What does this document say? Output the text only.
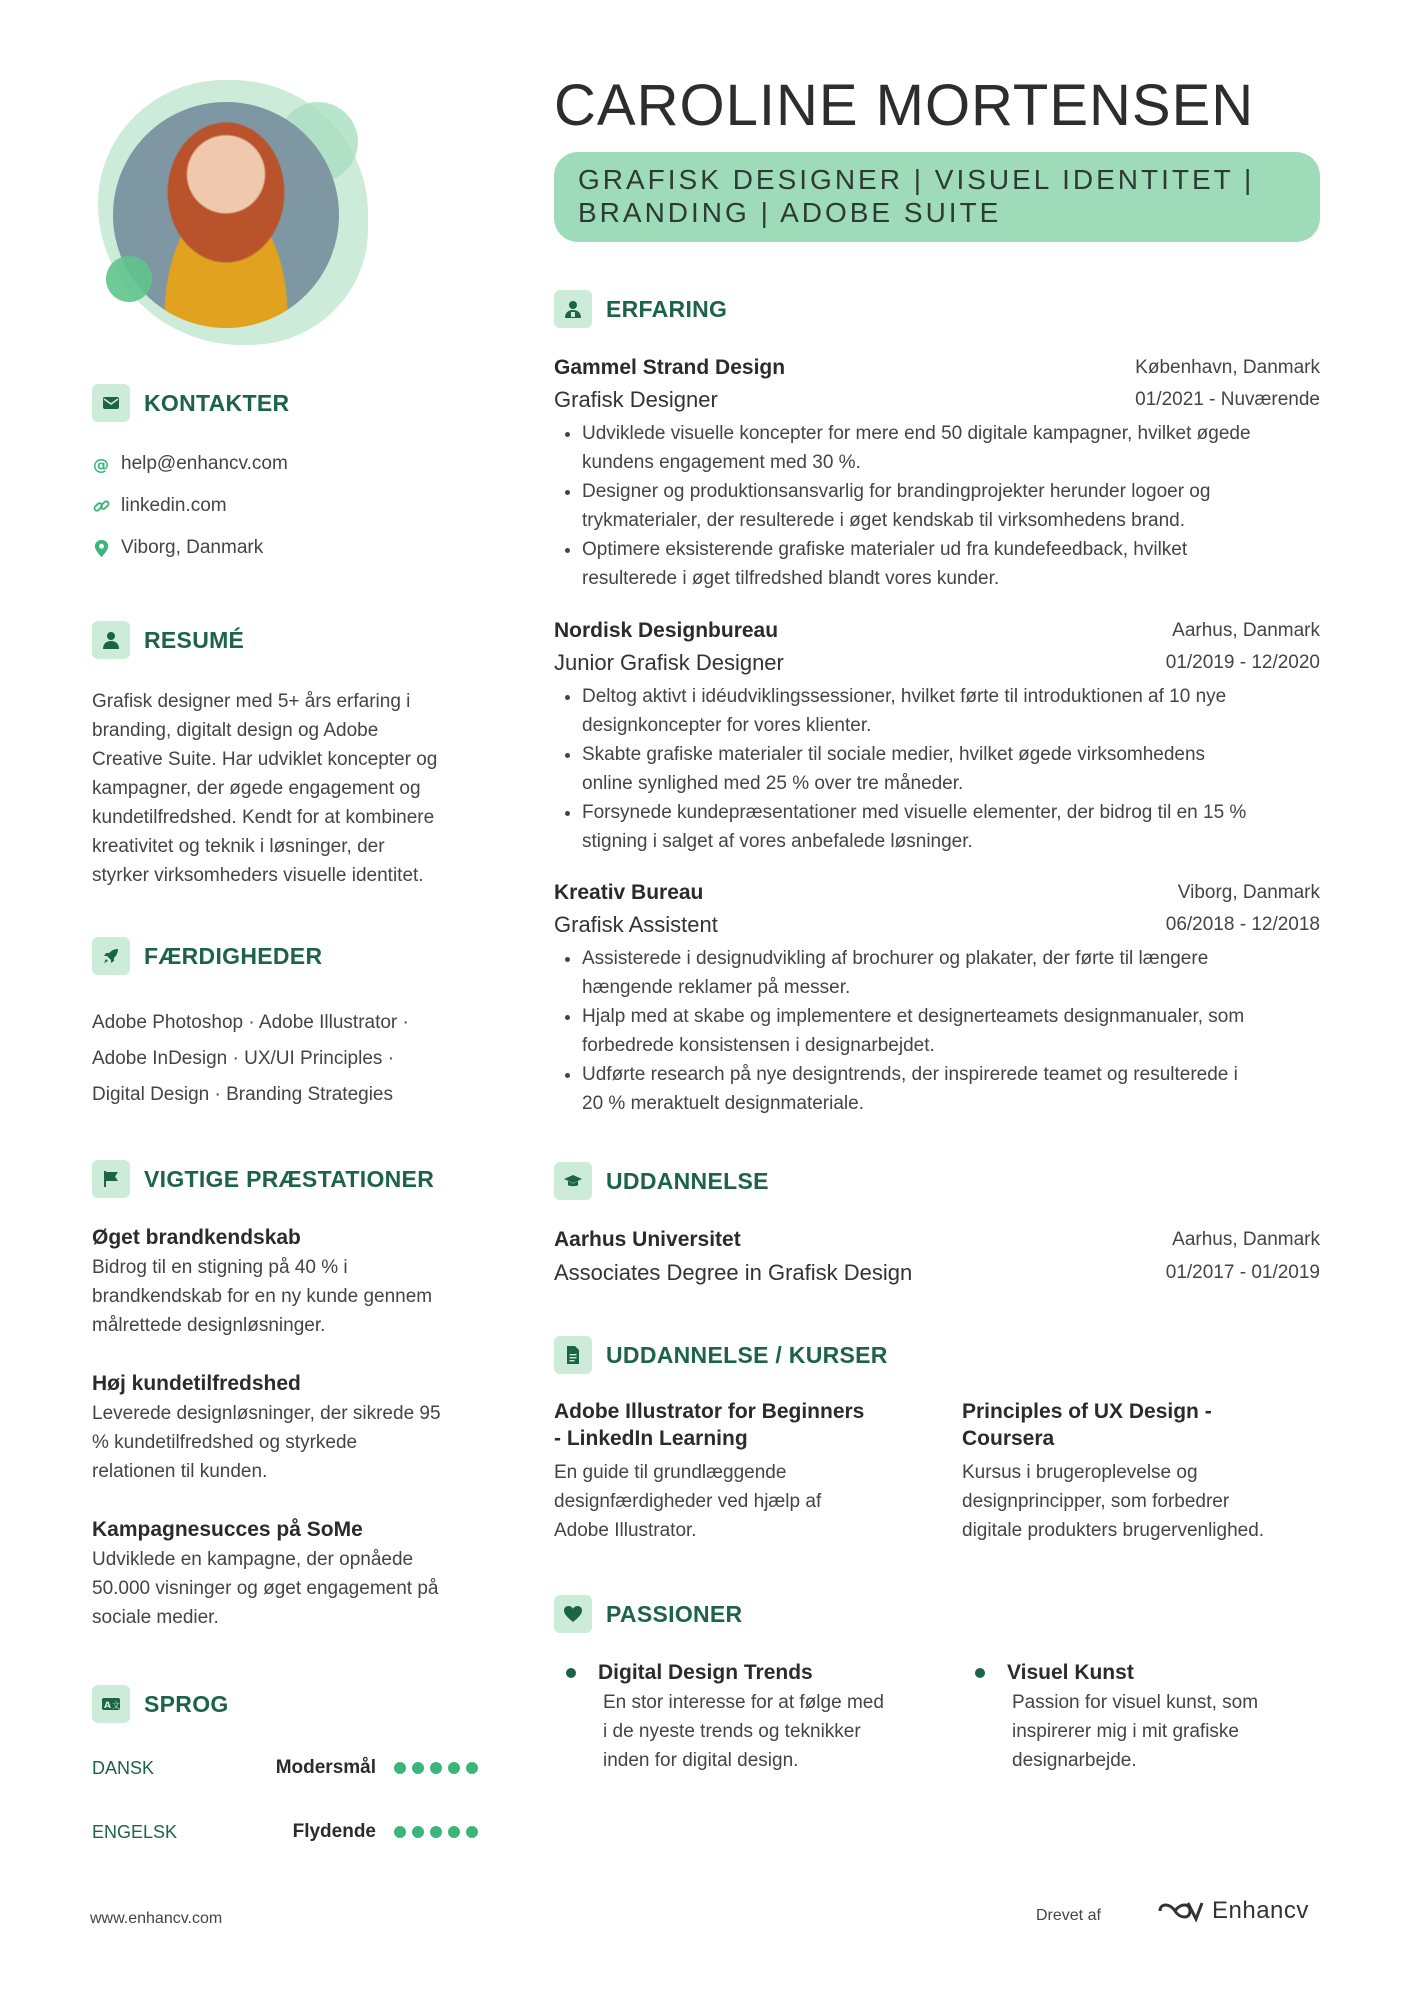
CAROLINE MORTENSEN
GRAFISK DESIGNER | VISUEL IDENTITET |
BRANDING | ADOBE SUITE
KONTAKTER
@ help@enhancv.com
linkedin.com
Viborg, Danmark
RESUMÉ
Grafisk designer med 5+ års erfaring i
branding, digitalt design og Adobe
Creative Suite. Har udviklet koncepter og
kampagner, der øgede engagement og
kundetilfredshed. Kendt for at kombinere
kreativitet og teknik i løsninger, der
styrker virksomheders visuelle identitet.
FÆRDIGHEDER
Adobe Photoshop · Adobe Illustrator ·
Adobe InDesign · UX/UI Principles ·
Digital Design · Branding Strategies
VIGTIGE PRÆSTATIONER
Øget brandkendskab
Bidrog til en stigning på 40 % i
brandkendskab for en ny kunde gennem
målrettede designløsninger.
Høj kundetilfredshed
Leverede designløsninger, der sikrede 95
% kundetilfredshed og styrkede
relationen til kunden.
Kampagnesucces på SoMe
Udviklede en kampagne, der opnåede
50.000 visninger og øget engagement på
sociale medier.
A 文 SPROG
DANSK	Modersmål
ENGELSK	Flydende
ERFARING
Gammel Strand Design	København, Danmark
Grafisk Designer	01/2021 - Nuværende
• Udviklede visuelle koncepter for mere end 50 digitale kampagner, hvilket øgede
kundens engagement med 30 %.
• Designer og produktionsansvarlig for brandingprojekter herunder logoer og
trykmaterialer, der resulterede i øget kendskab til virksomhedens brand.
• Optimere eksisterende grafiske materialer ud fra kundefeedback, hvilket
resulterede i øget tilfredshed blandt vores kunder.
Nordisk Designbureau	Aarhus, Danmark
Junior Grafisk Designer	01/2019 - 12/2020
• Deltog aktivt i idéudviklingssessioner, hvilket førte til introduktionen af 10 nye
designkoncepter for vores klienter.
• Skabte grafiske materialer til sociale medier, hvilket øgede virksomhedens
online synlighed med 25 % over tre måneder.
• Forsynede kundepræsentationer med visuelle elementer, der bidrog til en 15 %
stigning i salget af vores anbefalede løsninger.
Kreativ Bureau	Viborg, Danmark
Grafisk Assistent	06/2018 - 12/2018
• Assisterede i designudvikling af brochurer og plakater, der førte til længere
hængende reklamer på messer.
• Hjalp med at skabe og implementere et designerteamets designmanualer, som
forbedrede konsistensen i designarbejdet.
• Udførte research på nye designtrends, der inspirerede teamet og resulterede i
20 % meraktuelt designmateriale.
UDDANNELSE
Aarhus Universitet	Aarhus, Danmark
Associates Degree in Grafisk Design	01/2017 - 01/2019
UDDANNELSE / KURSER
Adobe Illustrator for Beginners
- LinkedIn Learning
En guide til grundlæggende
designfærdigheder ved hjælp af
Adobe Illustrator.
Principles of UX Design -
Coursera
Kursus i brugeroplevelse og
designprincipper, som forbedrer
digitale produkters brugervenlighed.
PASSIONER
Digital Design Trends
En stor interesse for at følge med
i de nyeste trends og teknikker
inden for digital design.
Visuel Kunst
Passion for visuel kunst, som
inspirerer mig i mit grafiske
designarbejde.
www.enhancv.com	Drevet af	Enhancv
